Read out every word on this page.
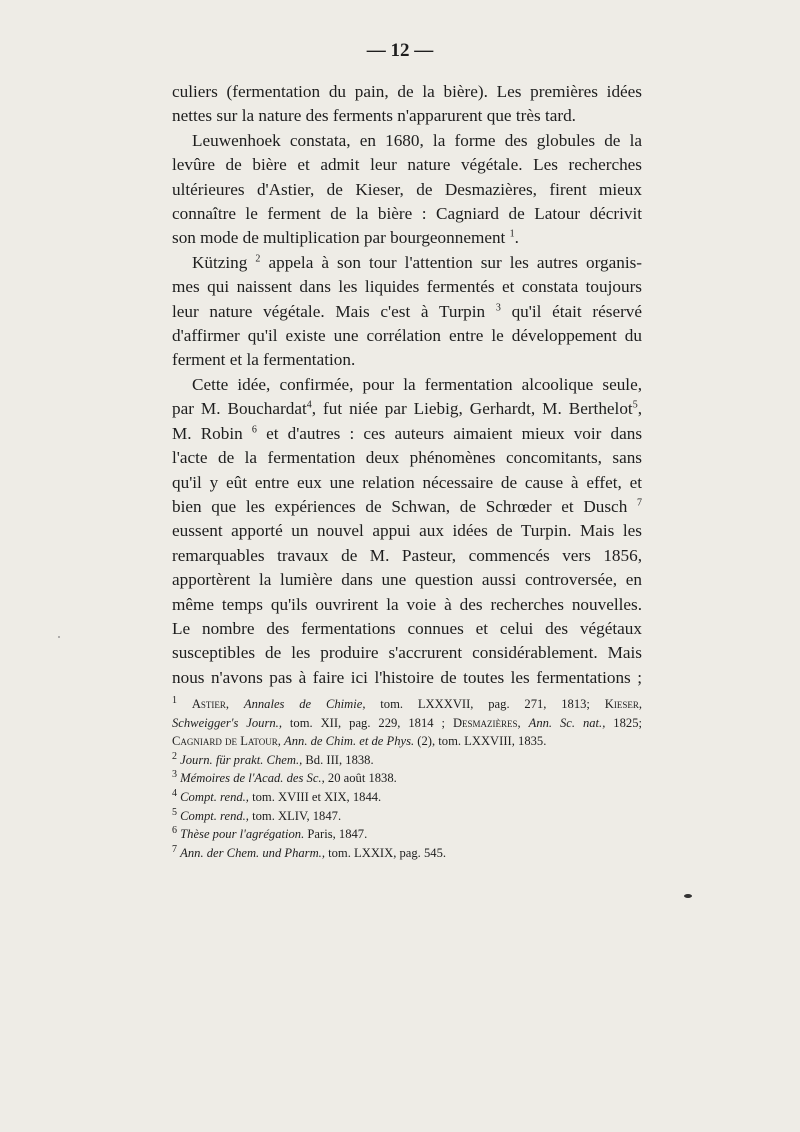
— 12 —
culiers (fermentation du pain, de la bière). Les premières idées
nettes sur la nature des ferments n'apparurent que très tard.
Leuwenhoek constata, en 1680, la forme des globules de la
levûre de bière et admit leur nature végétale. Les recherches
ultérieures d'Astier, de Kieser, de Desmazières, firent mieux
connaître le ferment de la bière : Cagniard de Latour décrivit
son mode de multiplication par bourgeonnement $^1$.
Kützing $^2$ appela à son tour l'attention sur les autres organis-
mes qui naissent dans les liquides fermentés et constata toujours
leur nature végétale. Mais c'est à Turpin $^3$ qu'il était réservé
d'affirmer qu'il existe une corrélation entre le développement du
ferment et la fermentation.
Cette idée, confirmée, pour la fermentation alcoolique seule,
par M. Bouchardat$^4$, fut niée par Liebig, Gerhardt, M. Berthelot$^5$,
M. Robin $^6$ et d'autres : ces auteurs aimaient mieux voir dans
l'acte de la fermentation deux phénomènes concomitants, sans
qu'il y eût entre eux une relation nécessaire de cause à effet, et
bien que les expériences de Schwan, de Schrœder et Dusch $^7$
eussent apporté un nouvel appui aux idées de Turpin. Mais les
remarquables travaux de M. Pasteur, commencés vers 1856,
apportèrent la lumière dans une question aussi controversée, en
même temps qu'ils ouvrirent la voie à des recherches nouvelles.
Le nombre des fermentations connues et celui des végétaux
susceptibles de les produire s'accrurent considérablement. Mais
nous n'avons pas à faire ici l'histoire de toutes les fermentations ;
$^1$ Astier, Annales de Chimie, tom. LXXXVII, pag. 271, 1813; Kieser,
Schweigger's Journ., tom. XII, pag. 229, 1814 ; Desmazières, Ann. Sc. nat., 1825;
Cagniard de Latour, Ann. de Chim. et de Phys. (2), tom. LXXVIII, 1835.
$^2$ Journ. für prakt. Chem., Bd. III, 1838.
$^3$ Mémoires de l'Acad. des Sc., 20 août 1838.
$^4$ Compt. rend., tom. XVIII et XIX, 1844.
$^5$ Compt. rend., tom. XLIV, 1847.
$^6$ Thèse pour l'agrégation. Paris, 1847.
$^7$ Ann. der Chem. und Pharm., tom. LXXIX, pag. 545.
